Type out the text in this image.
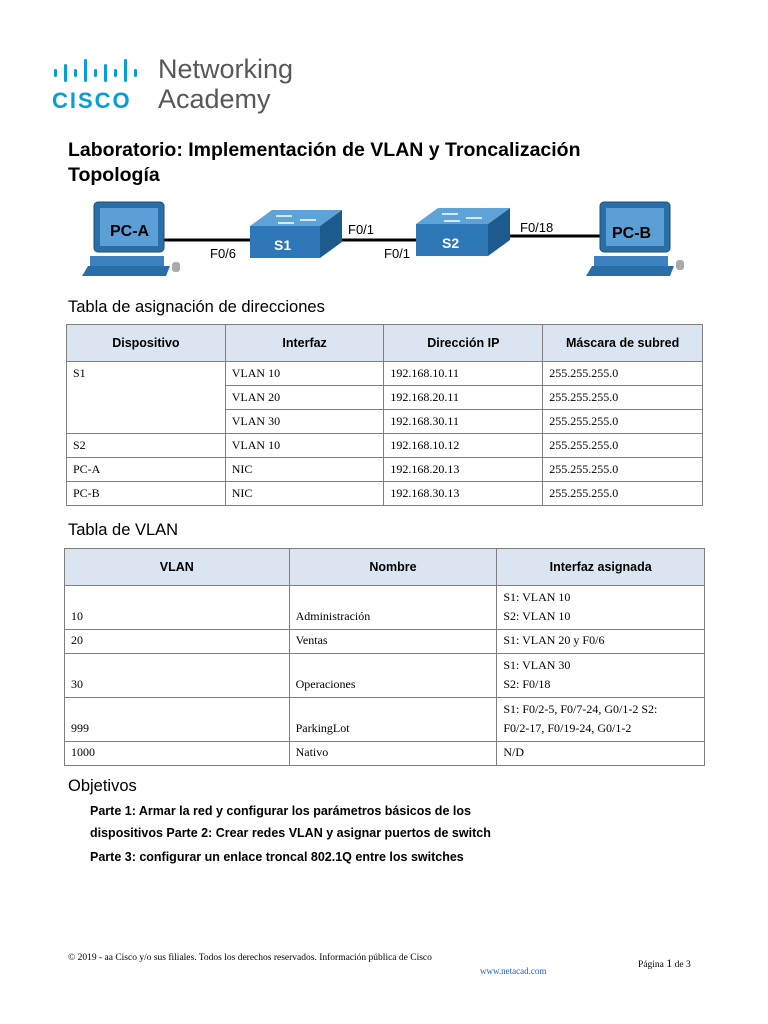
CISCO
Networking
Academy
Laboratorio: Implementación de VLAN y Troncalización
Topología
PC-A
S1	S2
PC-B
F0/6
F0/1
F0/1
F0/18
Tabla de asignación de direcciones
Dispositivo	Interfaz	Dirección IP	Máscara de subred
S1	VLAN 10	192.168.10.11	255.255.255.0
	VLAN 20	192.168.20.11	255.255.255.0
	VLAN 30	192.168.30.11	255.255.255.0
S2	VLAN 10	192.168.10.12	255.255.255.0
PC-A	NIC	192.168.20.13	255.255.255.0
PC-B	NIC	192.168.30.13	255.255.255.0
Tabla de VLAN
VLAN	Nombre	Interfaz asignada
10	Administración	S1: VLAN 10
S2: VLAN 10
20	Ventas	S1: VLAN 20 y F0/6
30	Operaciones	S1: VLAN 30
S2: F0/18
999	ParkingLot	S1: F0/2-5, F0/7-24, G0/1-2 S2:
F0/2-17, F0/19-24, G0/1-2
1000	Nativo	N/D
Objetivos
Parte 1: Armar la red y configurar los parámetros básicos de los
dispositivos Parte 2: Crear redes VLAN y asignar puertos de switch
Parte 3: configurar un enlace troncal 802.1Q entre los switches
© 2019 - aa Cisco y/o sus filiales. Todos los derechos reservados. Información pública de Cisco
www.netacad.com
Página 1 de 3
